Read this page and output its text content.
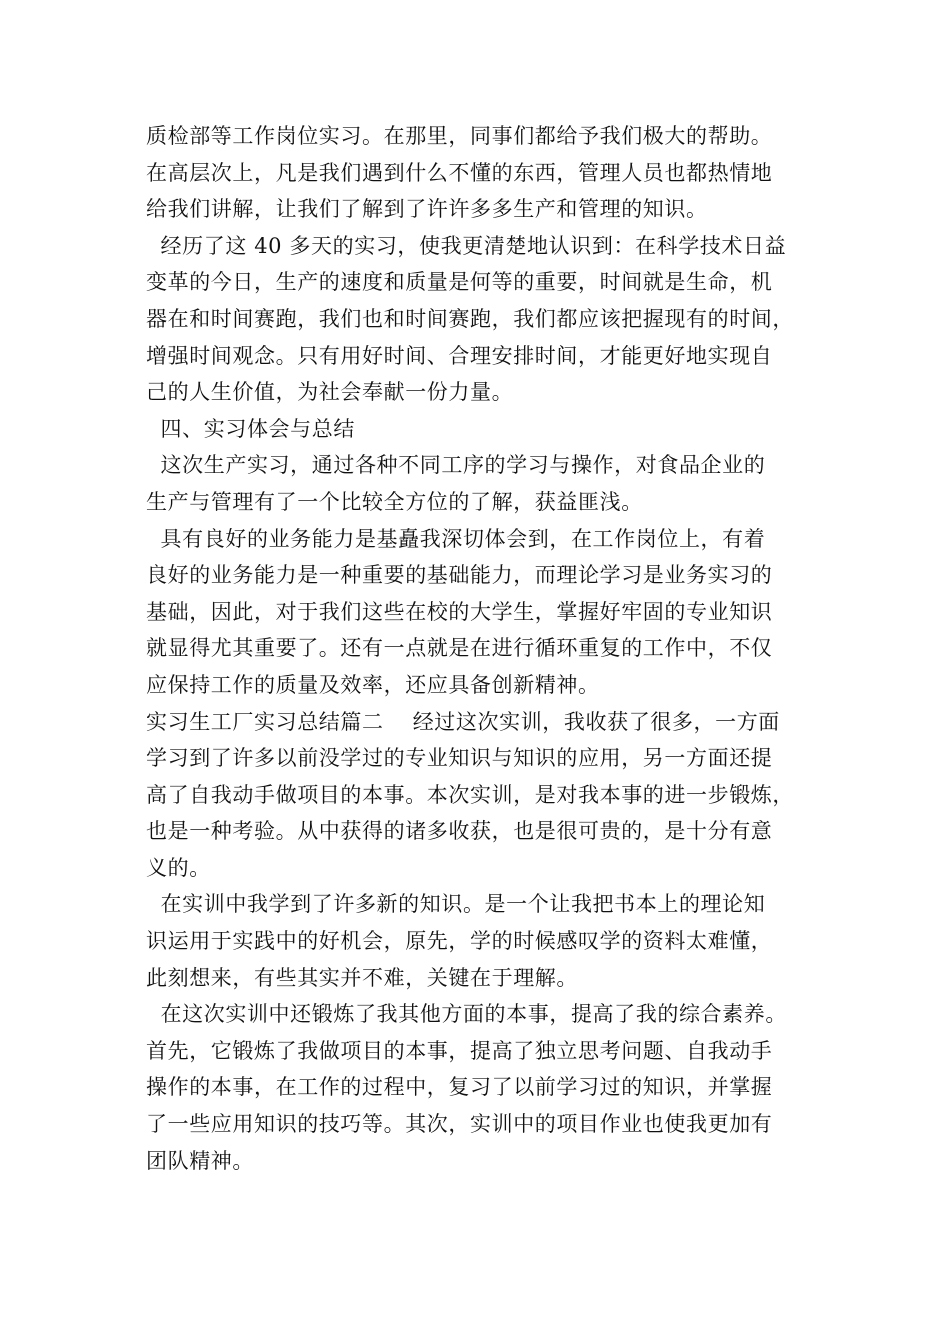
质检部等工作岗位实习。在那里，同事们都给予我们极大的帮助。
在高层次上，凡是我们遇到什么不懂的东西，管理人员也都热情地
给我们讲解，让我们了解到了许许多多生产和管理的知识。
经历了这 40 多天的实习，使我更清楚地认识到：在科学技术日益
变革的今日，生产的速度和质量是何等的重要，时间就是生命，机
器在和时间赛跑，我们也和时间赛跑，我们都应该把握现有的时间，
增强时间观念。只有用好时间、合理安排时间，才能更好地实现自
己的人生价值，为社会奉献一份力量。
四、实习体会与总结
这次生产实习，通过各种不同工序的学习与操作，对食品企业的
生产与管理有了一个比较全方位的了解，获益匪浅。
具有良好的业务能力是基矗我深切体会到，在工作岗位上，有着
良好的业务能力是一种重要的基础能力，而理论学习是业务实习的
基础，因此，对于我们这些在校的大学生，掌握好牢固的专业知识
就显得尤其重要了。还有一点就是在进行循环重复的工作中，不仅
应保持工作的质量及效率，还应具备创新精神。
实习生工厂实习总结篇二    经过这次实训，我收获了很多，一方面
学习到了许多以前没学过的专业知识与知识的应用，另一方面还提
高了自我动手做项目的本事。本次实训，是对我本事的进一步锻炼，
也是一种考验。从中获得的诸多收获，也是很可贵的，是十分有意
义的。
在实训中我学到了许多新的知识。是一个让我把书本上的理论知
识运用于实践中的好机会，原先，学的时候感叹学的资料太难懂，
此刻想来，有些其实并不难，关键在于理解。
在这次实训中还锻炼了我其他方面的本事，提高了我的综合素养。
首先，它锻炼了我做项目的本事，提高了独立思考问题、自我动手
操作的本事，在工作的过程中，复习了以前学习过的知识，并掌握
了一些应用知识的技巧等。其次，实训中的项目作业也使我更加有
团队精神。
